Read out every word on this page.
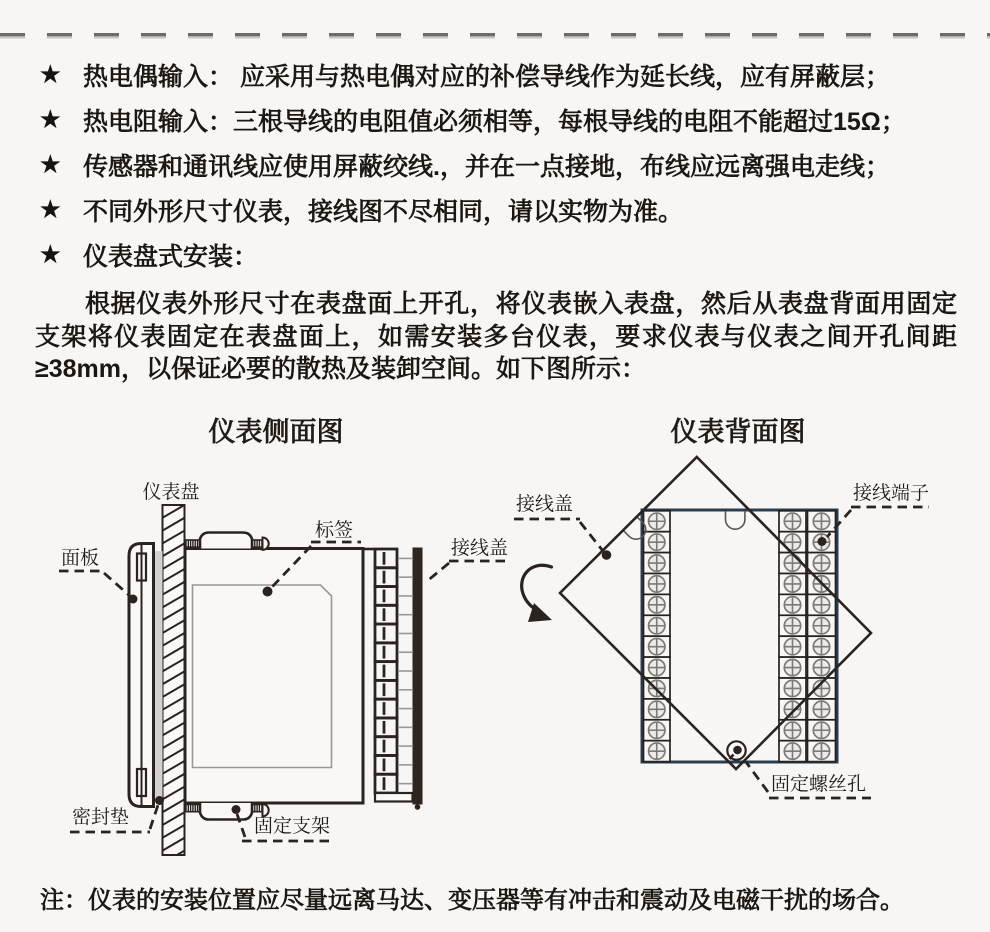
★ 热电偶输入： 应采用与热电偶对应的补偿导线作为延长线，应有屏蔽层；
★ 热电阻输入：三根导线的电阻值必须相等，每根导线的电阻不能超过15Ω；
★ 传感器和通讯线应使用屏蔽绞线.，并在一点接地，布线应远离强电走线；
★ 不同外形尺寸仪表，接线图不尽相同，请以实物为准。
★ 仪表盘式安装：

根据仪表外形尺寸在表盘面上开孔，将仪表嵌入表盘，然后从表盘背面用固定支架将仪表固定在表盘面上，如需安装多台仪表，要求仪表与仪表之间开孔间距≥38mm，以保证必要的散热及装卸空间。如下图所示：

仪表侧面图
仪表盘
面板
标签
接线盖
密封垫	固定支架
仪表背面图
接线盖
接线端子
固定螺丝孔

注：仪表的安装位置应尽量远离马达、变压器等有冲击和震动及电磁干扰的场合。
